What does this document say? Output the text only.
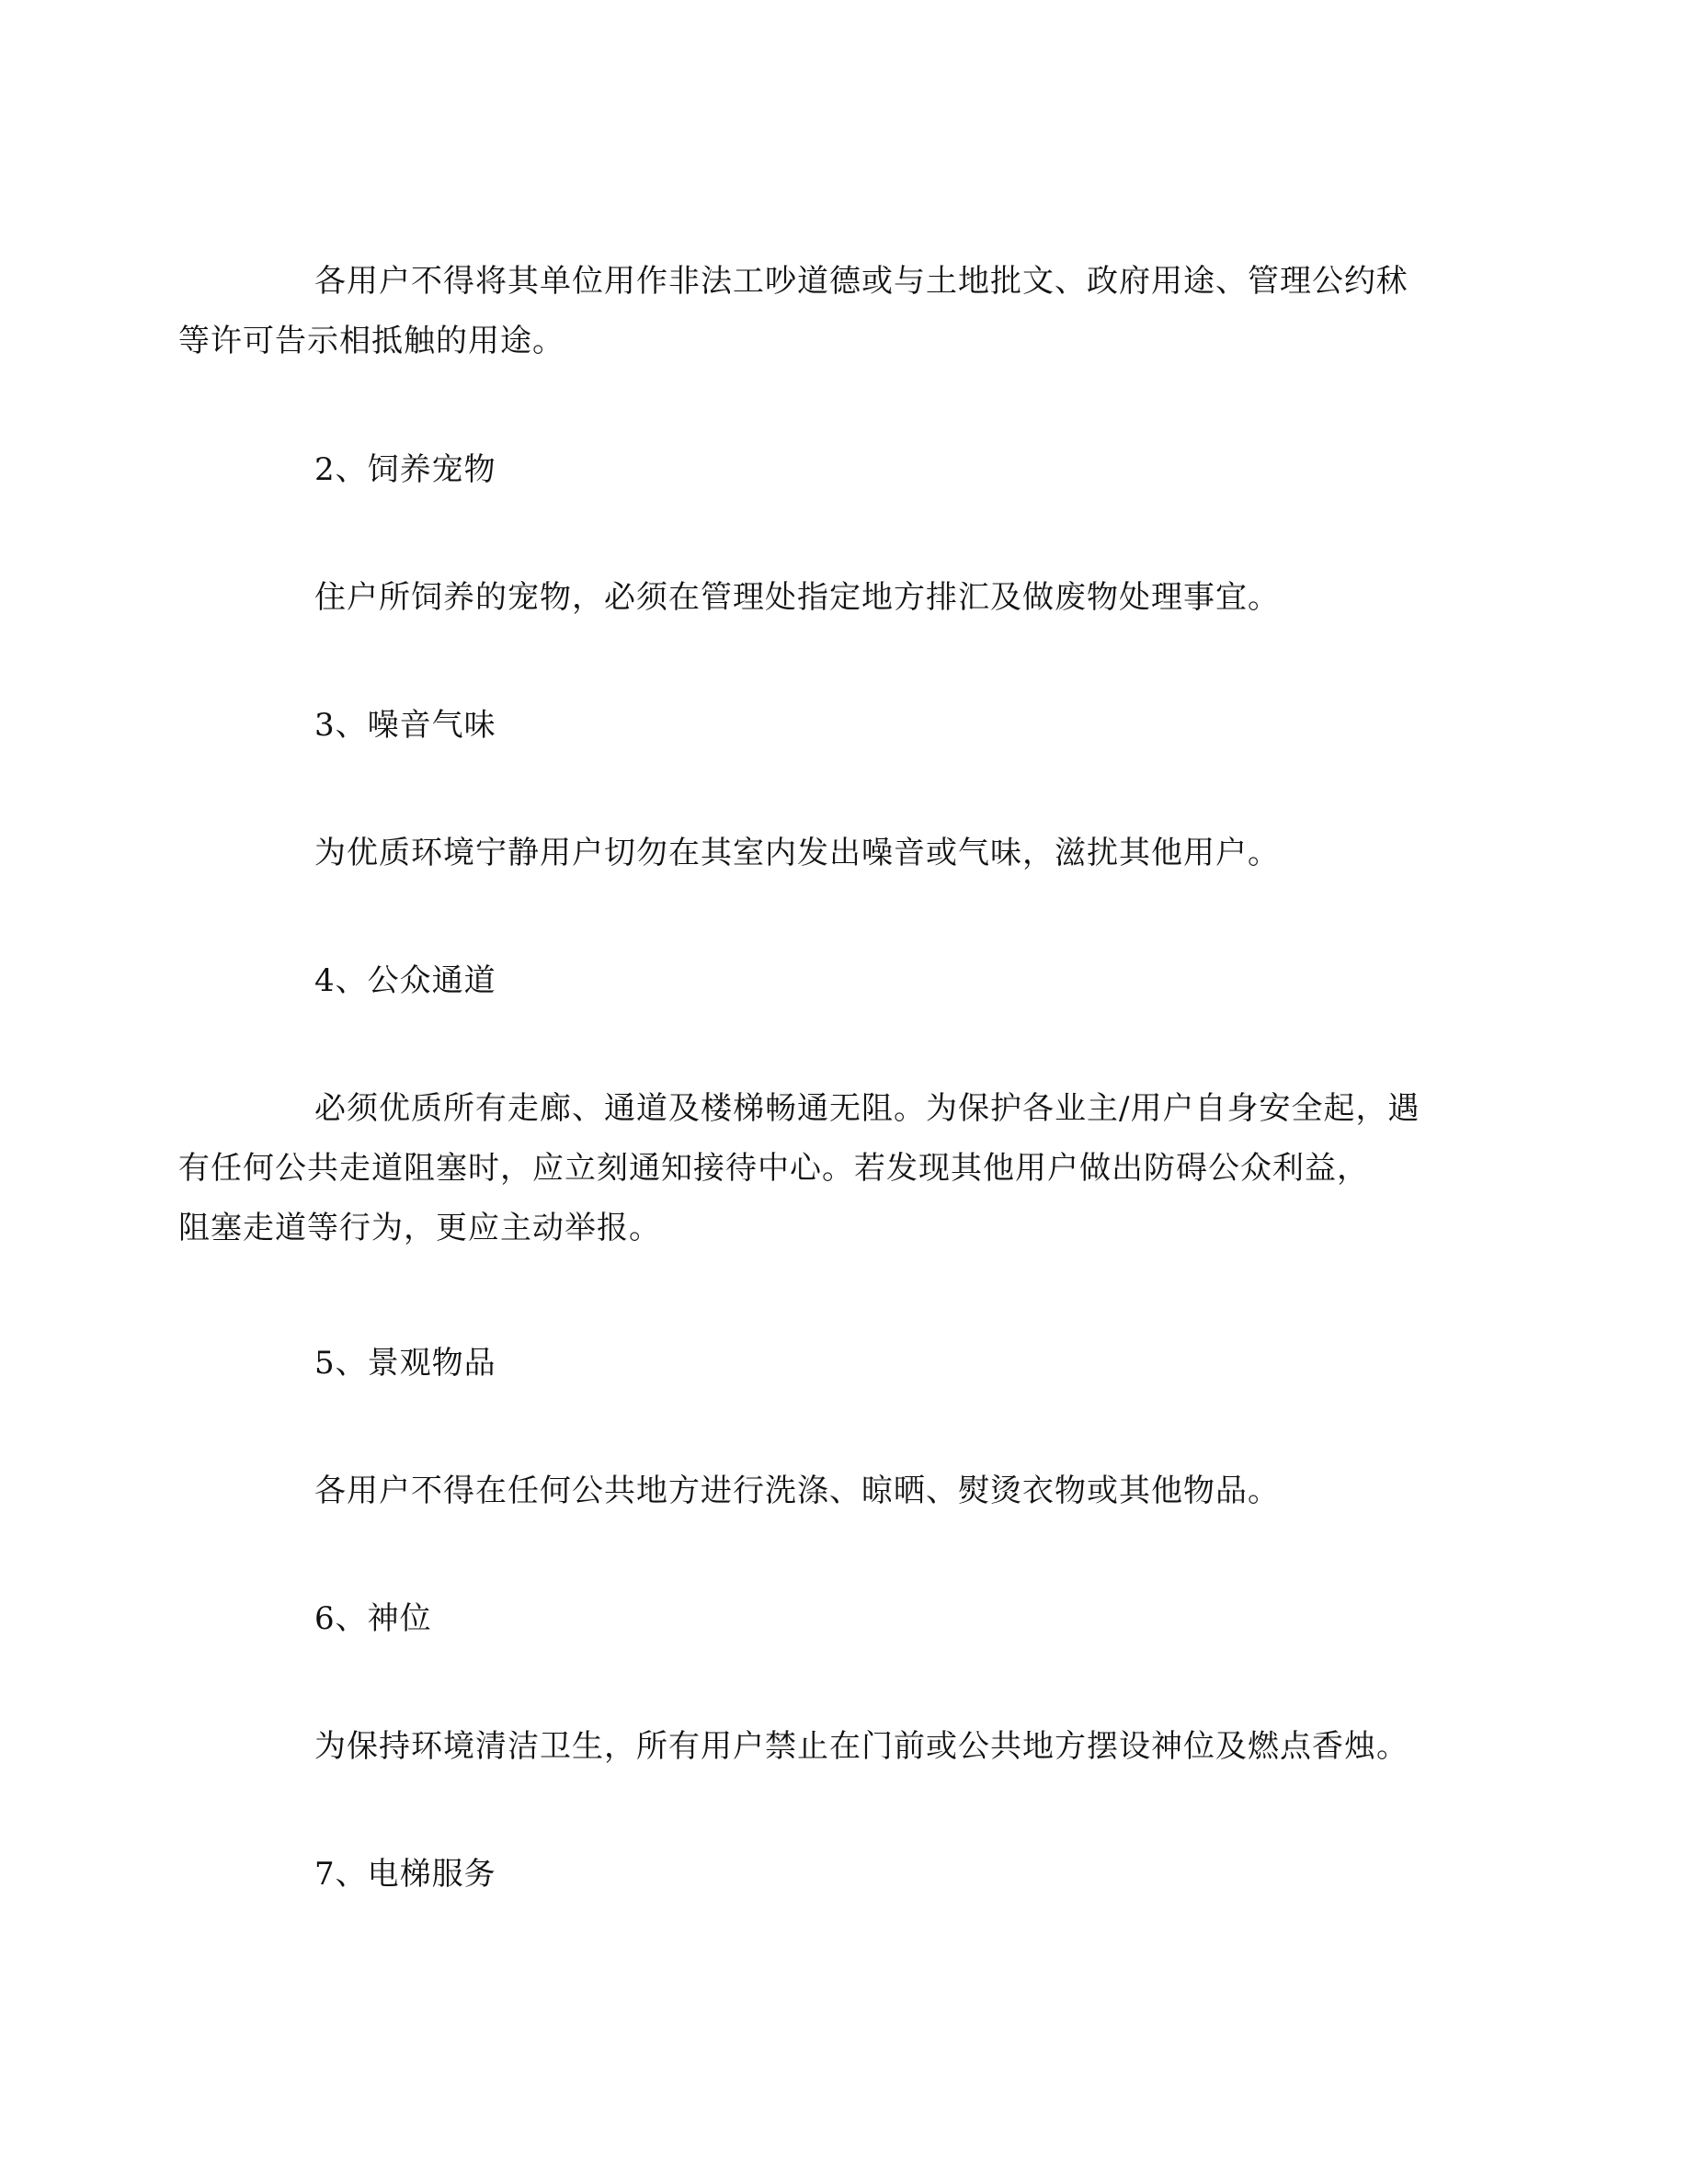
各用户不得将其单位用作非法工吵道德或与土地批文、政府用途、管理公约秫
等许可告示相抵触的用途。

2、饲养宠物

住户所饲养的宠物，必须在管理处指定地方排汇及做废物处理事宜。

3、噪音气味

为优质环境宁静用户切勿在其室内发出噪音或气味，滋扰其他用户。

4、公众通道

必须优质所有走廊、通道及楼梯畅通无阻。为保护各业主/用户自身安全起，遇
有任何公共走道阻塞时，应立刻通知接待中心。若发现其他用户做出防碍公众利益，
阻塞走道等行为，更应主动举报。

5、景观物品

各用户不得在任何公共地方进行洗涤、晾晒、熨烫衣物或其他物品。

6、神位

为保持环境清洁卫生，所有用户禁止在门前或公共地方摆设神位及燃点香烛。

7、电梯服务
